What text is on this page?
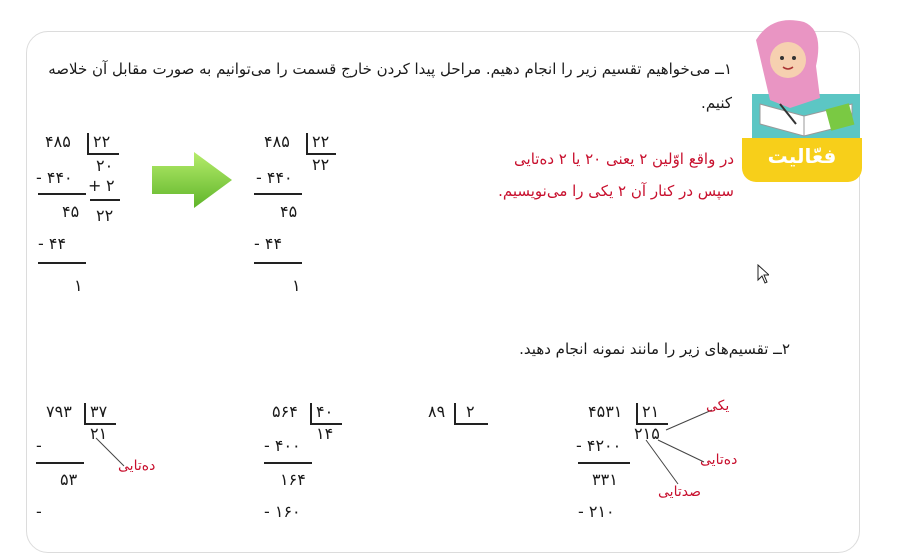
فعّالیت
۱ــ می‌خواهیم تقسیم زیر را انجام دهیم. مراحل پیدا کردن خارج قسمت را می‌توانیم به صورت مقابل آن خلاصه
کنیم.
۴۸۵ ۲۲
۲۰
+ ۲
۲۲
- ۴۴۰
۴۵
- ۴۴
۱
۴۸۵ ۲۲
۲۲
- ۴۴۰
۴۵
- ۴۴
۱
در واقع اوّلین ۲ یعنی ۲۰ یا ۲ ده‌تایی
سپس در کنار آن ۲ یکی را می‌نویسیم.
۲ــ تقسیم‌های زیر را مانند نمونه انجام دهید.
۷۹۳ ۳۷
۲۱
-
۵۳
-
ده‌تایی
۵۶۴ ۴۰
۱۴
- ۴۰۰
۱۶۴
- ۱۶۰
۸۹ ۲	۴۵۳۱ ۲۱
۲۱۵
- ۴۲۰۰
۳۳۱
- ۲۱۰
یکی
ده‌تایی
صدتایی
